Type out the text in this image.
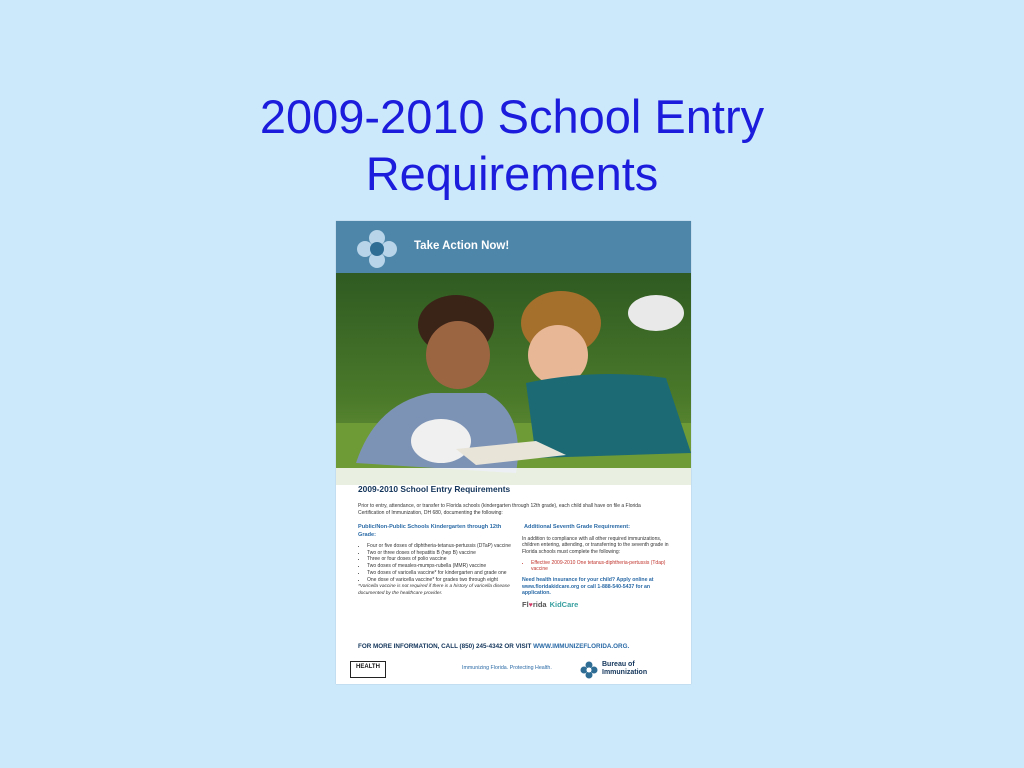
2009-2010 School Entry
Requirements
Take Action Now!
2009-2010 School Entry Requirements
Prior to entry, attendance, or transfer to Florida schools (kindergarten through 12th grade), each child shall have on file a Florida Certification of Immunization, DH 680, documenting the following:
Public/Non-Public Schools Kindergarten through 12th Grade:
• Four or five doses of diphtheria-tetanus-pertussis (DTaP) vaccine
• Two or three doses of hepatitis B (hep B) vaccine
• Three or four doses of polio vaccine
• Two doses of measles-mumps-rubella (MMR) vaccine
• Two doses of varicella vaccine* for kindergarten and grade one
• One dose of varicella vaccine* for grades two through eight
*Varicella vaccine is not required if there is a history of varicella disease documented by the healthcare provider.
Additional Seventh Grade Requirement:
In addition to compliance with all other required immunizations, children entering, attending, or transferring to the seventh grade in Florida schools must complete the following:
• Effective 2009-2010 One tetanus-diphtheria-pertussis (Tdap) vaccine
Need health insurance for your child? Apply online at www.floridakidcare.org or call 1-888-540-5437 for an application.
Fl♥rida KidCare
FOR MORE INFORMATION, CALL (850) 245-4342 OR VISIT WWW.IMMUNIZEFLORIDA.ORG.
HEALTH	Immunizing Florida. Protecting Health.	Bureau of
Immunization
